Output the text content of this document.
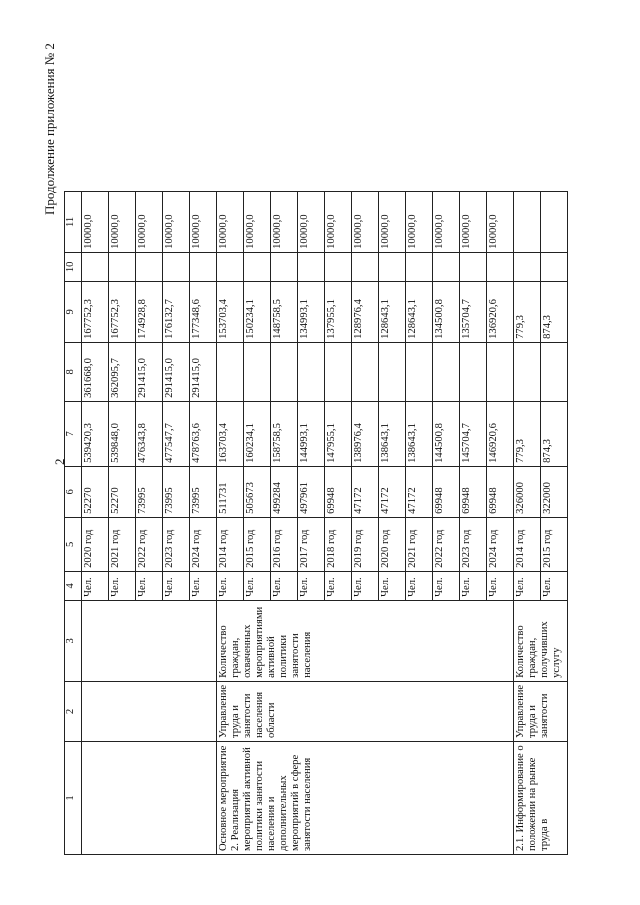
2
Продолжение приложения № 2
1	2	3	4	5	6	7	8	9	10	11
			Чел.	2020 год	52270	539420,3	361668,0	167752,3		10000,0
			Чел.	2021 год	52270	539848,0	362095,7	167752,3		10000,0
			Чел.	2022 год	73995	476343,8	291415,0	174928,8		10000,0
			Чел.	2023 год	73995	477547,7	291415,0	176132,7		10000,0
			Чел.	2024 год	73995	478763,6	291415,0	177348,6		10000,0
Основное мероприятие 2. Реализация мероприятий активной политики занятости населения и дополнительных мероприятий в сфере занятости населения	Управление труда и занятости населения области	Количество граждан, охваченных мероприятиями активной политики занятости населения	Чел.	2014 год	511731	163703,4		153703,4		10000,0
			Чел.	2015 год	505673	160234,1		150234,1		10000,0
			Чел.	2016 год	499284	158758,5		148758,5		10000,0
			Чел.	2017 год	497961	144993,1		134993,1		10000,0
			Чел.	2018 год	69948	147955,1		137955,1		10000,0
			Чел.	2019 год	47172	138976,4		128976,4		10000,0
			Чел.	2020 год	47172	138643,1		128643,1		10000,0
			Чел.	2021 год	47172	138643,1		128643,1		10000,0
			Чел.	2022 год	69948	144500,8		134500,8		10000,0
			Чел.	2023 год	69948	145704,7		135704,7		10000,0
			Чел.	2024 год	69948	146920,6		136920,6		10000,0
2.1. Информирование о положении на рынке труда в	Управление труда и занятости	Количество граждан, получивших услугу	Чел.	2014 год	326000	779,3		779,3		
			Чел.	2015 год	322000	874,3		874,3		
